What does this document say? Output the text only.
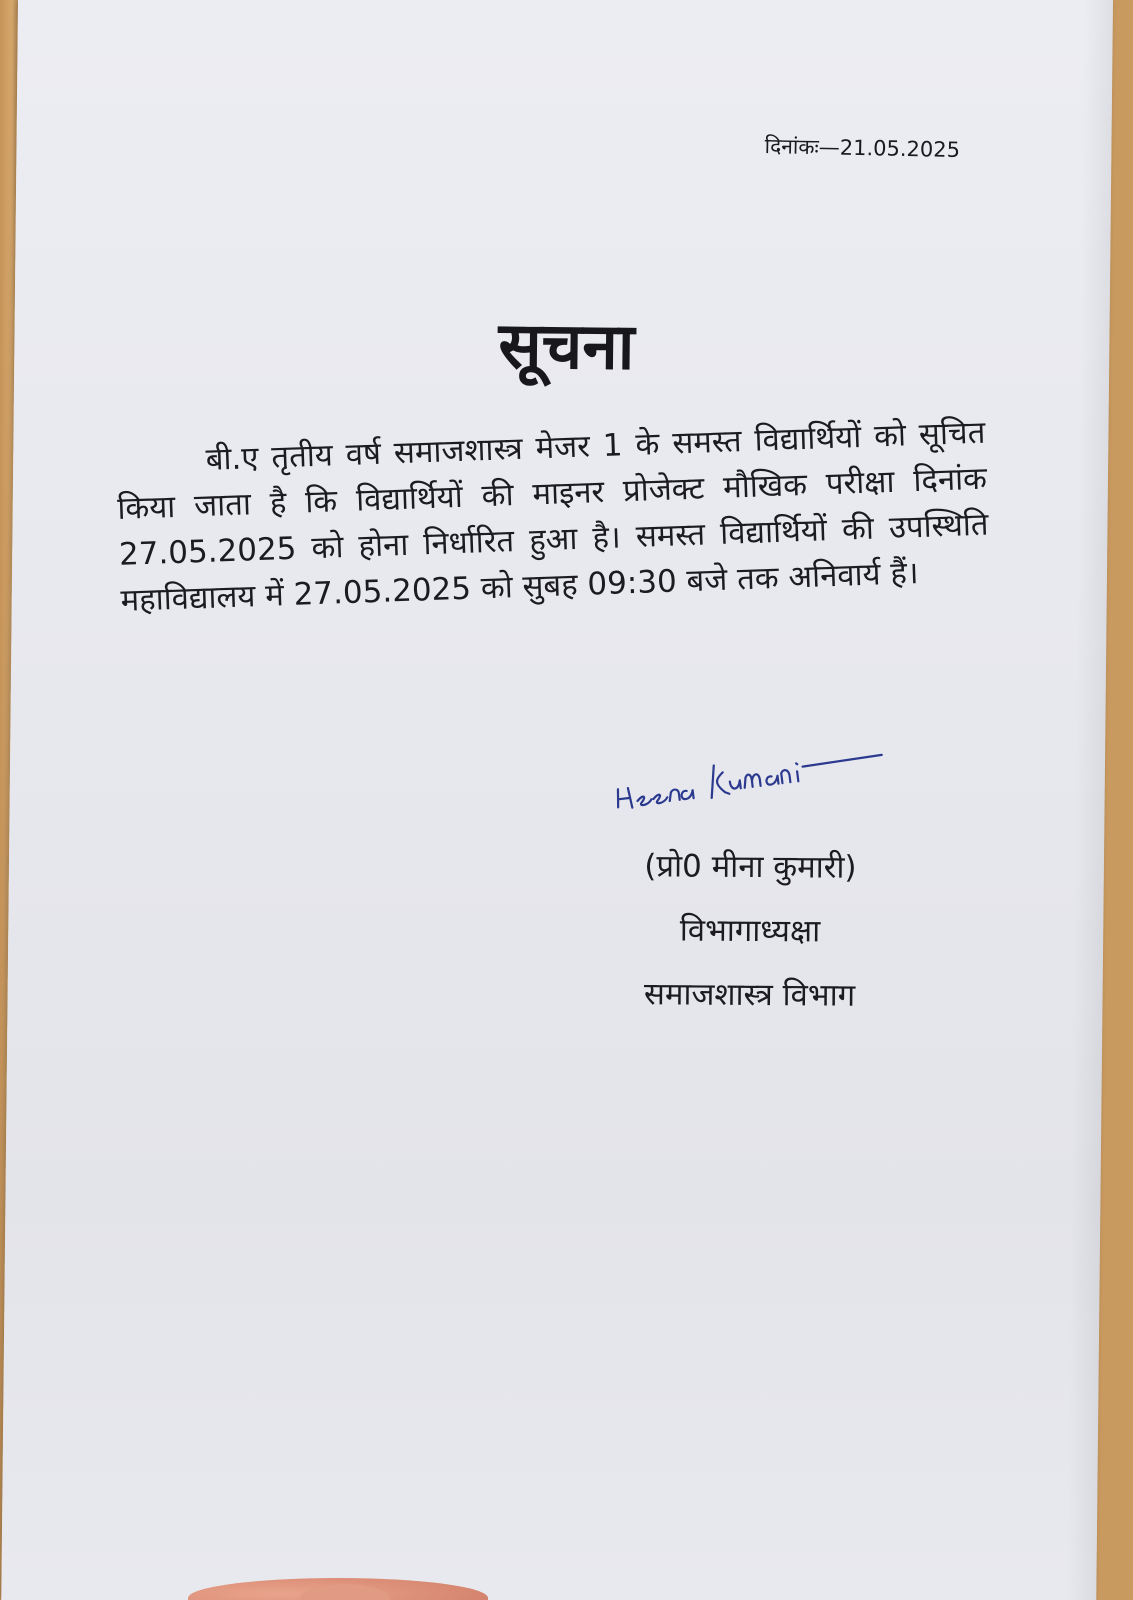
दिनांकः—21.05.2025
सूचना
बी.ए तृतीय वर्ष समाजशास्त्र मेजर 1 के समस्त विद्यार्थियों को सूचित किया जाता है कि विद्यार्थियों की माइनर प्रोजेक्ट मौखिक परीक्षा दिनांक 27.05.2025 को होना निर्धारित हुआ है। समस्त विद्यार्थियों की उपस्थिति महाविद्यालय में 27.05.2025 को सुबह 09:30 बजे तक अनिवार्य हैं।
(प्रो0 मीना कुमारी)
विभागाध्यक्षा
समाजशास्त्र विभाग
